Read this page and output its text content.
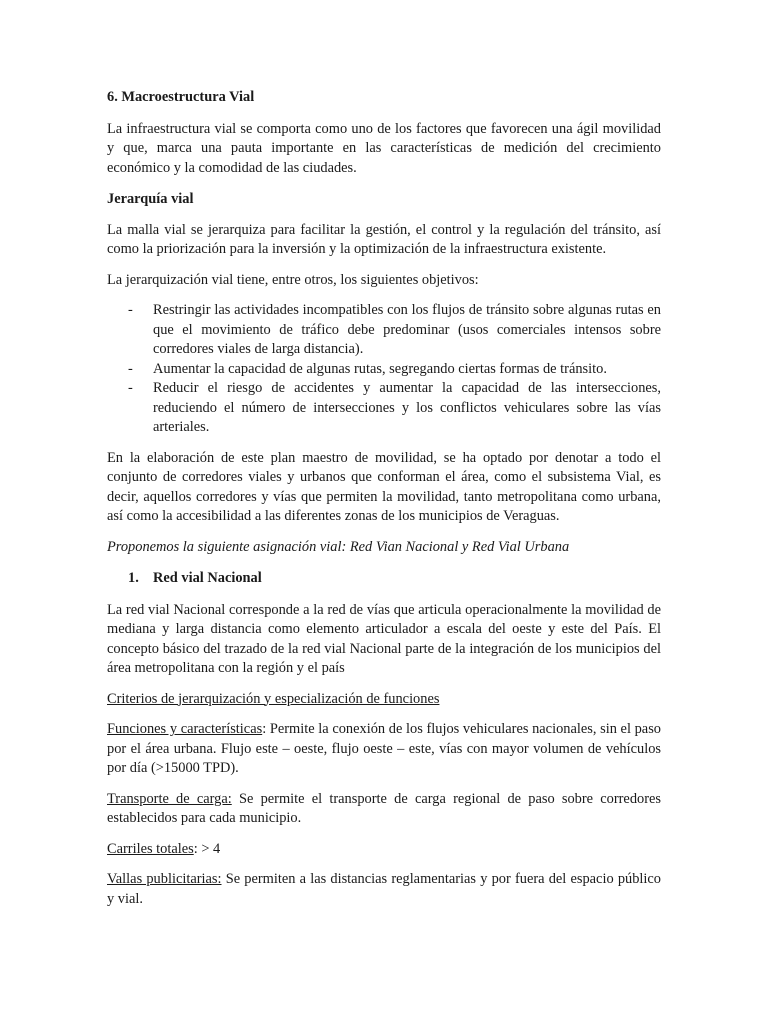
6. Macroestructura Vial

La infraestructura vial se comporta como uno de los factores que favorecen una ágil movilidad y que, marca una pauta importante en las características de medición del crecimiento económico y la comodidad de las ciudades.

Jerarquía vial

La malla vial se jerarquiza para facilitar la gestión, el control y la regulación del tránsito, así como la priorización para la inversión y la optimización de la infraestructura existente.

La jerarquización vial tiene, entre otros, los siguientes objetivos:

- Restringir las actividades incompatibles con los flujos de tránsito sobre algunas rutas en que el movimiento de tráfico debe predominar (usos comerciales intensos sobre corredores viales de larga distancia).
- Aumentar la capacidad de algunas rutas, segregando ciertas formas de tránsito.
- Reducir el riesgo de accidentes y aumentar la capacidad de las intersecciones, reduciendo el número de intersecciones y los conflictos vehiculares sobre las vías arteriales.

En la elaboración de este plan maestro de movilidad, se ha optado por denotar a todo el conjunto de corredores viales y urbanos que conforman el área, como el subsistema Vial, es decir, aquellos corredores y vías que permiten la movilidad, tanto metropolitana como urbana, así como la accesibilidad a las diferentes zonas de los municipios de Veraguas.

Proponemos la siguiente asignación vial: Red Vian Nacional y Red Vial Urbana

1. Red vial Nacional

La red vial Nacional corresponde a la red de vías que articula operacionalmente la movilidad de mediana y larga distancia como elemento articulador a escala del oeste y este del País. El concepto básico del trazado de la red vial Nacional parte de la integración de los municipios del área metropolitana con la región y el país

Criterios de jerarquización y especialización de funciones

Funciones y características: Permite la conexión de los flujos vehiculares nacionales, sin el paso por el área urbana. Flujo este – oeste, flujo oeste – este, vías con mayor volumen de vehículos por día (>15000 TPD).

Transporte de carga: Se permite el transporte de carga regional de paso sobre corredores establecidos para cada municipio.

Carriles totales: > 4

Vallas publicitarias: Se permiten a las distancias reglamentarias y por fuera del espacio público y vial.
